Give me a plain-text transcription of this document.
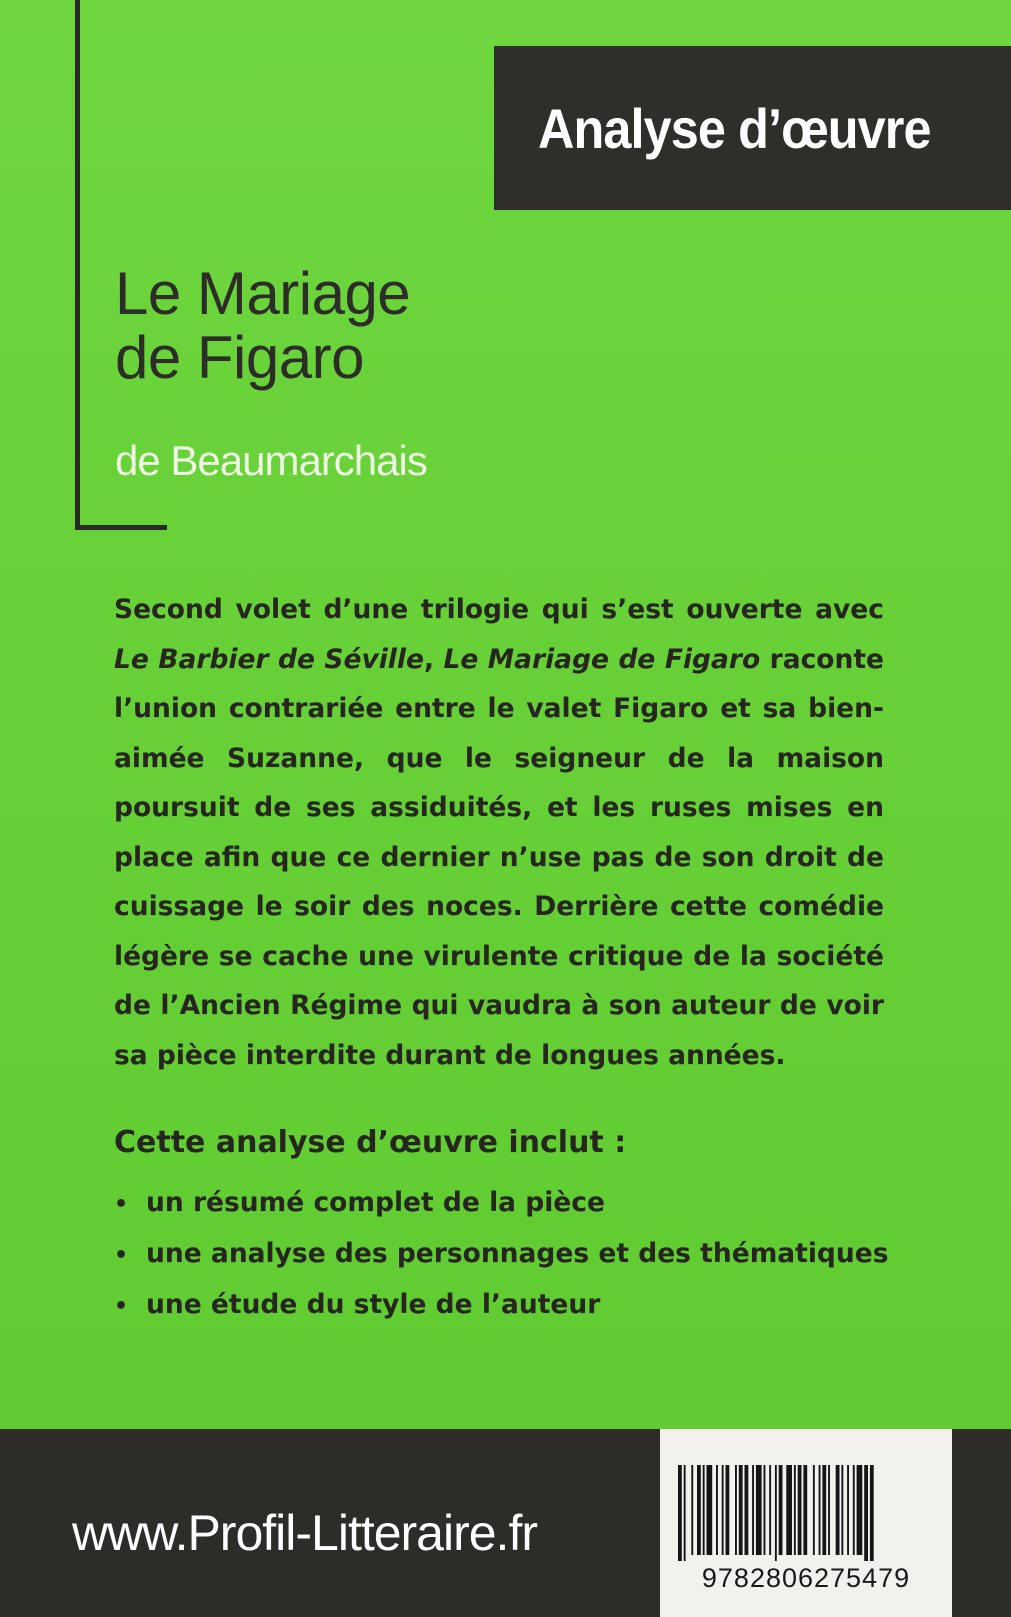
Analyse d’œuvre
Le Mariage
de Figaro

de Beaumarchais

Second volet d’une trilogie qui s’est ouverte avec Le Barbier de Séville, Le Mariage de Figaro raconte l’union contrariée entre le valet Figaro et sa bien-aimée Suzanne, que le seigneur de la maison poursuit de ses assiduités, et les ruses mises en place afin que ce dernier n’use pas de son droit de cuissage le soir des noces. Derrière cette comédie légère se cache une virulente critique de la société de l’Ancien Régime qui vaudra à son auteur de voir sa pièce interdite durant de longues années.

Cette analyse d’œuvre inclut :
• un résumé complet de la pièce
• une analyse des personnages et des thématiques
• une étude du style de l’auteur
www.Profil-Litteraire.fr
9782806275479
